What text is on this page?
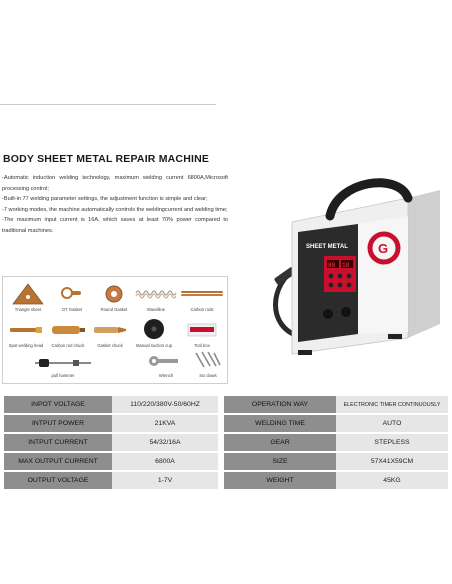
BODY SHEET METAL REPAIR MACHINE

-Automatic induction welding technology, maximum welding current 6800A,Microsoft processing control;

-Built-in 77 welding parameter settings, the adjustment function is simple and clear;

-7 working modes, the machine automatically controls the weldingcurrent and welding time;

-The maximum input current is 16A, which saves at least 70% power compared to traditional machines.

Triangle sheet	OT Gasket	Round Gasket	Wavelline	Carbon rods
Spot welding head	Carbon rod chuck	Gasket chuck	Manual suction cup	Tool box
pull hammer	Wrench	Six claws
G
SHEET METAL
88 18
INPOT VOLTAGE	110/220/380V-50/60HZ		OPERATION WAY	ELECTRONIC TIMER CONTINUOUSLY
INTPUT POWER	21KVA		WELDING TIME	AUTO
INTPUT CURRENT	54/32/16A		GEAR	STEPLESS
MAX OUTPUT CURRENT	6800A		SIZE	57X41X59CM
OUTPUT VOLTAGE	1-7V		WEIGHT	45KG
